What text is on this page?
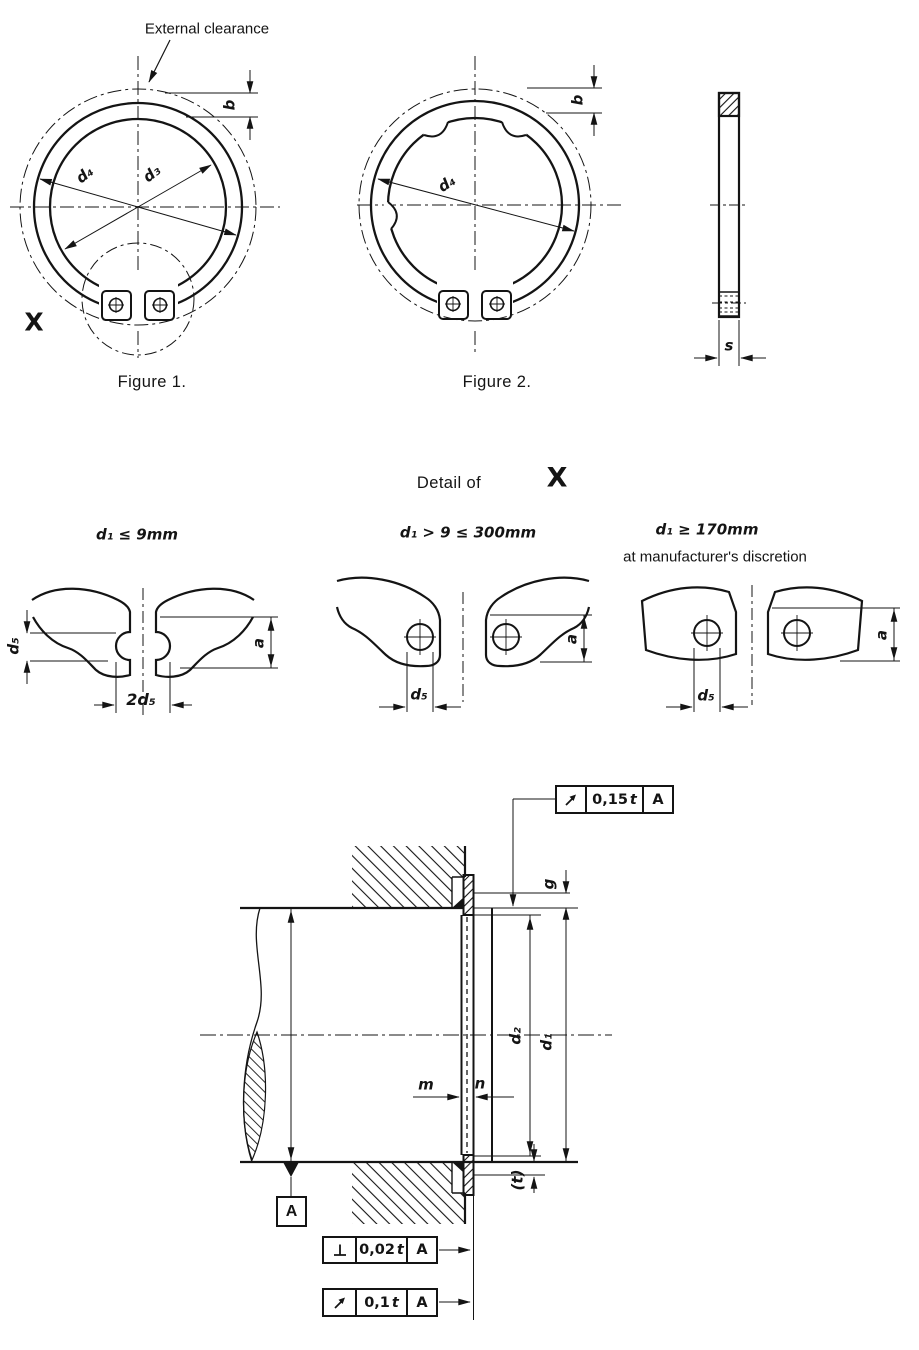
External clearance
d₄	d₃
b
X
Figure 1.
d₄
b
Figure 2.
s
Detail of X
d₁ ≤ 9mm	d₁ > 9 ≤ 300mm	d₁ ≥ 170mm
at manufacturer's discretion
d₅
2d₅
a
d₅
a
d₅
a
g
d₂ d₁
m	n
(t)
A
0,15 t	A
0,02 t A
0,1 t	A
